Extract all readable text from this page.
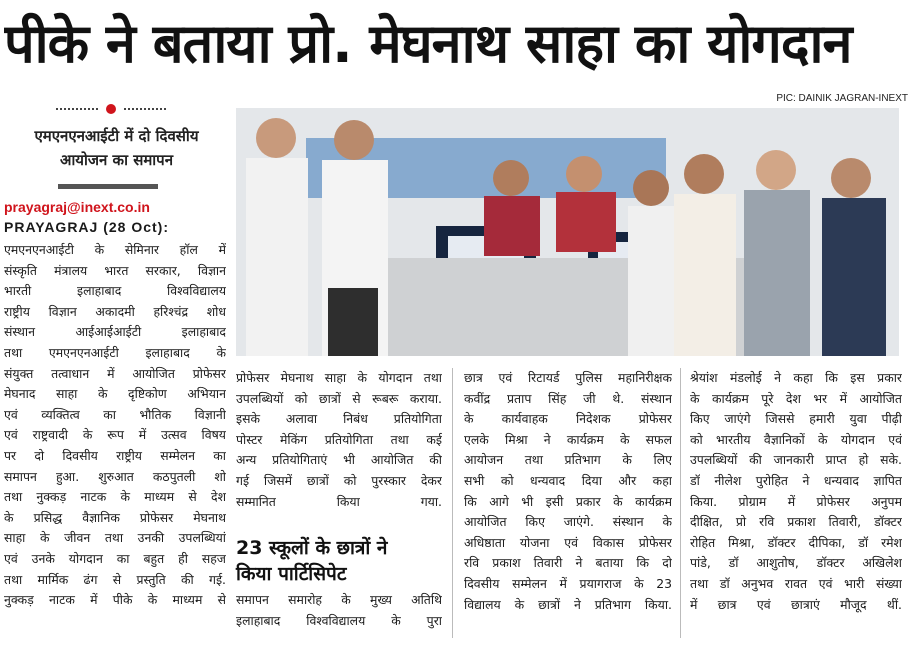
पीके ने बताया प्रो. मेघनाथ साहा का योगदान
PIC: DAINIK JAGRAN-INEXT
एमएनएनआईटी में दो दिवसीय
आयोजन का समापन
prayagraj@inext.co.in
PRAYAGRAJ (28 Oct):
एमएनएनआईटी के सेमिनार हॉल में
संस्कृति मंत्रालय भारत सरकार, विज्ञान
भारती इलाहाबाद विश्वविद्यालय
राष्ट्रीय विज्ञान अकादमी हरिश्चंद्र शोध
संस्थान आईआईआईटी इलाहाबाद
तथा एमएनएनआईटी इलाहाबाद के
संयुक्त तत्वाधान में आयोजित प्रोफेसर
मेघनाद साहा के दृष्टिकोण अभियान
एवं व्यक्तित्व का भौतिक विज्ञानी
एवं राष्ट्रवादी के रूप में उत्सव विषय
पर दो दिवसीय राष्ट्रीय सम्मेलन का
समापन हुआ. शुरुआत कठपुतली शो
तथा नुक्कड़ नाटक के माध्यम से देश
के प्रसिद्ध वैज्ञानिक प्रोफेसर मेघनाथ
साहा के जीवन तथा उनकी उपलब्धियां
एवं उनके योगदान का बहुत ही सहज
तथा मार्मिक ढंग से प्रस्तुति की गई.
नुक्कड़ नाटक में पीके के माध्यम से
प्रोफेसर मेघनाथ साहा के योगदान तथा
उपलब्धियों को छात्रों से रूबरू कराया.
इसके अलावा निबंध प्रतियोगिता
पोस्टर मेकिंग प्रतियोगिता तथा कई
अन्य प्रतियोगिताएं भी आयोजित की
गई जिसमें छात्रों को पुरस्कार देकर
सम्मानित किया गया.
23 स्कूलों के छात्रों ने
किया पार्टिसिपेट
समापन समारोह के मुख्य अतिथि
इलाहाबाद विश्वविद्यालय के पुरा
छात्र एवं रिटायर्ड पुलिस महानिरीक्षक
कवींद्र प्रताप सिंह जी थे. संस्थान
के कार्यवाहक निदेशक प्रोफेसर
एलके मिश्रा ने कार्यक्रम के सफल
आयोजन तथा प्रतिभाग के लिए
सभी को धन्यवाद दिया और कहा
कि आगे भी इसी प्रकार के कार्यक्रम
आयोजित किए जाएंगे. संस्थान के
अधिष्ठाता योजना एवं विकास प्रोफेसर
रवि प्रकाश तिवारी ने बताया कि दो
दिवसीय सम्मेलन में प्रयागराज के 23
विद्यालय के छात्रों ने प्रतिभाग किया.
श्रेयांश मंडलोई ने कहा कि इस प्रकार
के कार्यक्रम पूरे देश भर में आयोजित
किए जाएंगे जिससे हमारी युवा पीढ़ी
को भारतीय वैज्ञानिकों के योगदान एवं
उपलब्धियों की जानकारी प्राप्त हो सके.
डॉ नीलेश पुरोहित ने धन्यवाद ज्ञापित
किया. प्रोग्राम में प्रोफेसर अनुपम
दीक्षित, प्रो रवि प्रकाश तिवारी, डॉक्टर
रोहित मिश्रा, डॉक्टर दीपिका, डॉ रमेश
पांडे, डॉ आशुतोष, डॉक्टर अखिलेश
तथा डॉ अनुभव रावत एवं भारी संख्या
में छात्र एवं छात्राएं मौजूद थीं.
